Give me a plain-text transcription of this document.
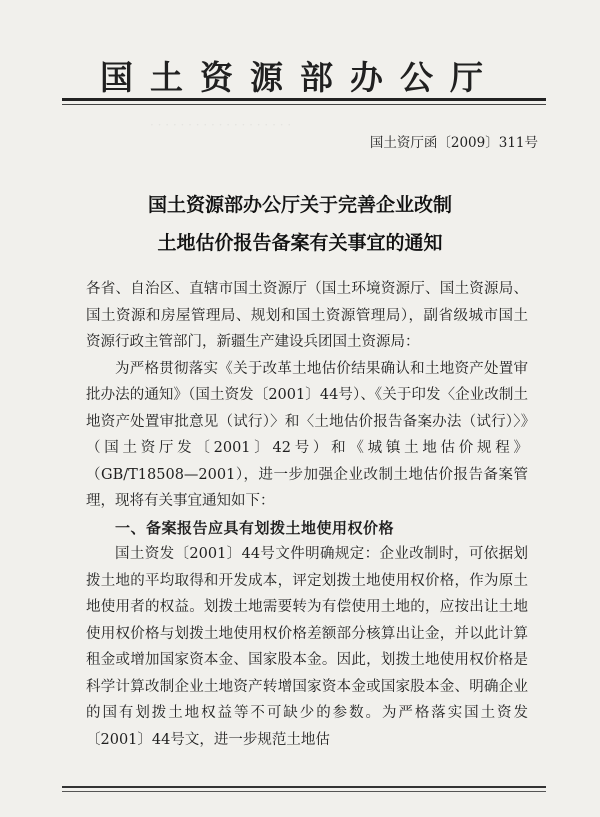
· · · · · · · · · · · · · · · · · · ·
国土资源部办公厅
国土资厅函〔2009〕311号
国土资源部办公厅关于完善企业改制
土地估价报告备案有关事宜的通知

各省、自治区、直辖市国土资源厅（国土环境资源厅、国土资源局、国土资源和房屋管理局、规划和国土资源管理局），副省级城市国土资源行政主管部门，新疆生产建设兵团国土资源局：

为严格贯彻落实《关于改革土地估价结果确认和土地资产处置审批办法的通知》（国土资发〔2001〕44号）、《关于印发〈企业改制土地资产处置审批意见（试行）〉和〈土地估价报告备案办法（试行）〉》（国土资厅发〔2001〕42号）和《城镇土地估价规程》（GB/T18508—2001），进一步加强企业改制土地估价报告备案管理，现将有关事宜通知如下：

一、备案报告应具有划拨土地使用权价格

国土资发〔2001〕44号文件明确规定：企业改制时，可依据划拨土地的平均取得和开发成本，评定划拨土地使用权价格，作为原土地使用者的权益。划拨土地需要转为有偿使用土地的，应按出让土地使用权价格与划拨土地使用权价格差额部分核算出让金，并以此计算租金或增加国家资本金、国家股本金。因此，划拨土地使用权价格是科学计算改制企业土地资产转增国家资本金或国家股本金、明确企业的国有划拨土地权益等不可缺少的参数。为严格落实国土资发〔2001〕44号文，进一步规范土地估
